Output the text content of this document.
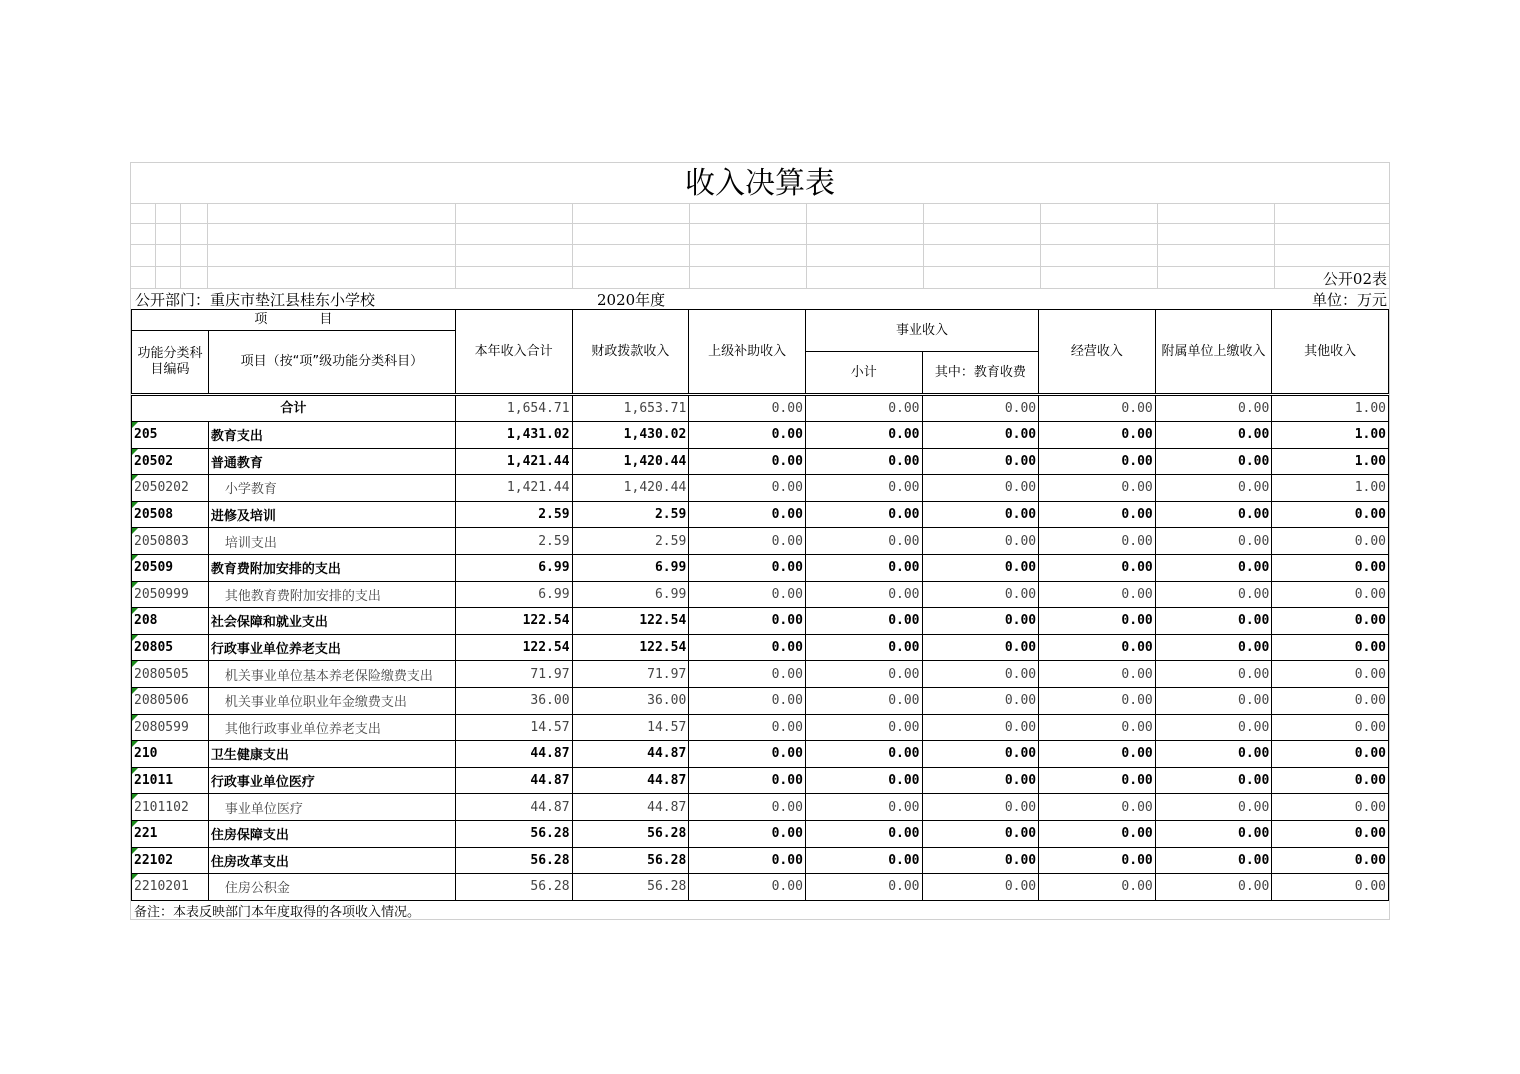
收入决算表
公开02表
公开部门：重庆市垫江县桂东小学校	2020年度	单位：万元
项　　　　目		本年收入合计	财政拨款收入	上级补助收入	事业收入		经营收入	附属单位上缴收入	其他收入
功能分类科目编码	项目（按“项”级功能分类科目）								
					小计	其中：教育收费			

合计		1,654.71	1,653.71	0.00	0.00	0.00	0.00	0.00	1.00

205	教育支出	1,431.02	1,430.02	0.00	0.00	0.00	0.00	0.00	1.00

20502	普通教育	1,421.44	1,420.44	0.00	0.00	0.00	0.00	0.00	1.00

2050202	小学教育	1,421.44	1,420.44	0.00	0.00	0.00	0.00	0.00	1.00

20508	进修及培训	2.59	2.59	0.00	0.00	0.00	0.00	0.00	0.00

2050803	培训支出	2.59	2.59	0.00	0.00	0.00	0.00	0.00	0.00

20509	教育费附加安排的支出	6.99	6.99	0.00	0.00	0.00	0.00	0.00	0.00

2050999	其他教育费附加安排的支出	6.99	6.99	0.00	0.00	0.00	0.00	0.00	0.00

208	社会保障和就业支出	122.54	122.54	0.00	0.00	0.00	0.00	0.00	0.00

20805	行政事业单位养老支出	122.54	122.54	0.00	0.00	0.00	0.00	0.00	0.00

2080505	机关事业单位基本养老保险缴费支出	71.97	71.97	0.00	0.00	0.00	0.00	0.00	0.00

2080506	机关事业单位职业年金缴费支出	36.00	36.00	0.00	0.00	0.00	0.00	0.00	0.00

2080599	其他行政事业单位养老支出	14.57	14.57	0.00	0.00	0.00	0.00	0.00	0.00

210	卫生健康支出	44.87	44.87	0.00	0.00	0.00	0.00	0.00	0.00

21011	行政事业单位医疗	44.87	44.87	0.00	0.00	0.00	0.00	0.00	0.00

2101102	事业单位医疗	44.87	44.87	0.00	0.00	0.00	0.00	0.00	0.00

221	住房保障支出	56.28	56.28	0.00	0.00	0.00	0.00	0.00	0.00

22102	住房改革支出	56.28	56.28	0.00	0.00	0.00	0.00	0.00	0.00

2210201	住房公积金	56.28	56.28	0.00	0.00	0.00	0.00	0.00	0.00
备注：本表反映部门本年度取得的各项收入情况。
